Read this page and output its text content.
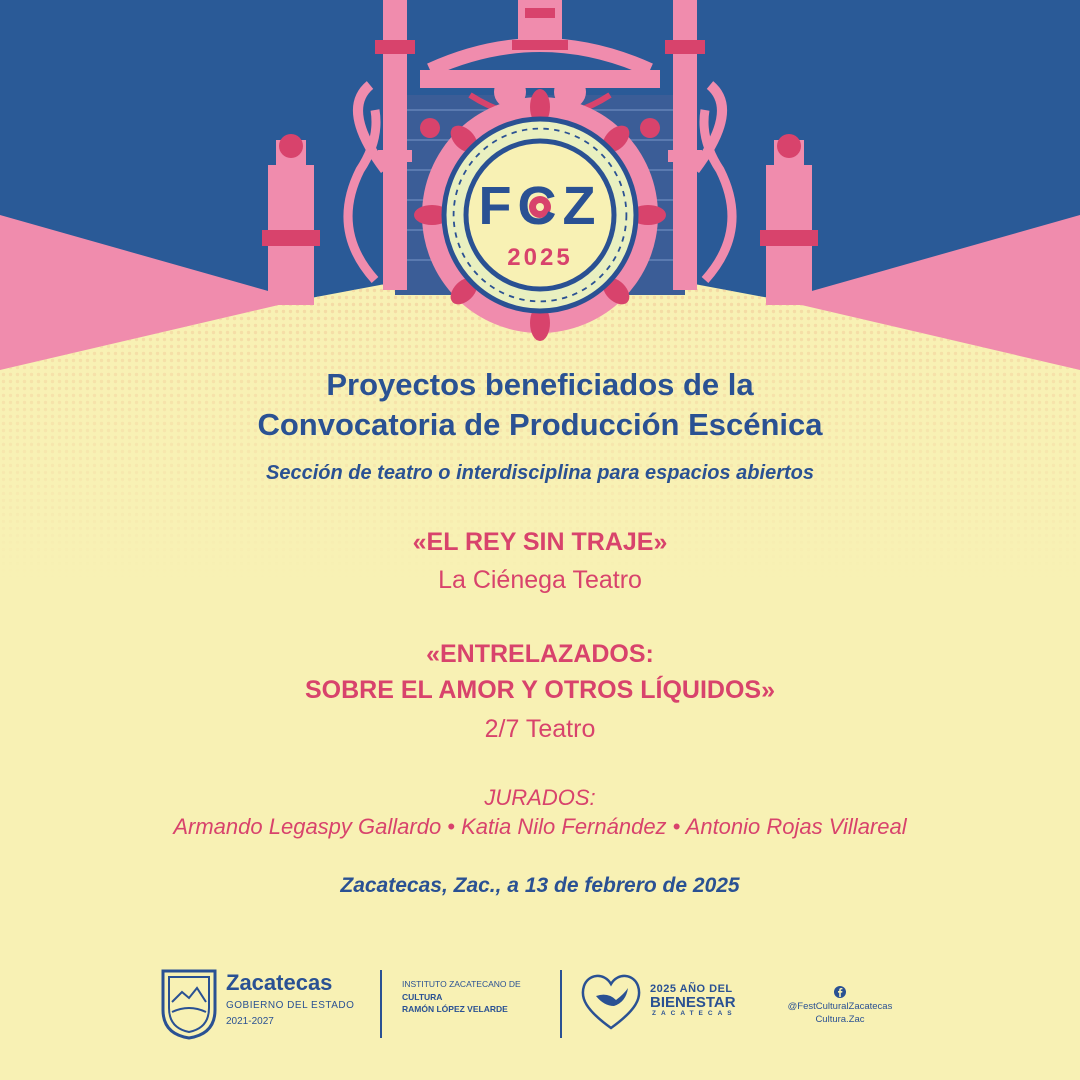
FCZ
2025
Proyectos beneficiados de la
Convocatoria de Producción Escénica
Sección de teatro o interdisciplina para espacios abiertos
«EL REY SIN TRAJE»
La Ciénega Teatro
«ENTRELAZADOS:
SOBRE EL AMOR Y OTROS LÍQUIDOS»
2/7 Teatro
JURADOS:
Armando Legaspy Gallardo • Katia Nilo Fernández • Antonio Rojas Villareal
Zacatecas, Zac., a 13 de febrero de 2025
Zacatecas
GOBIERNO DEL ESTADO
2021-2027
INSTITUTO ZACATECANO DE
CULTURA
RAMÓN LÓPEZ VELARDE
2025 AÑO DEL
BIENESTAR
ZACATECAS
@FestCulturalZacatecas
Cultura.Zac
